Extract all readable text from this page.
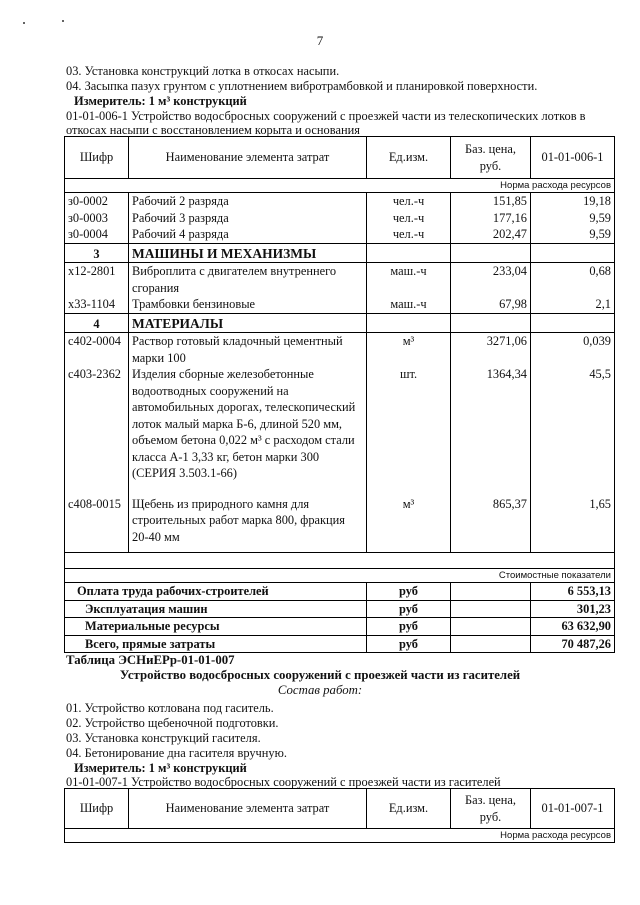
7
03. Установка конструкций лотка в откосах насыпи.
04. Засыпка пазух грунтом с уплотнением вибротрамбовкой и планировкой поверхности.
Измеритель: 1 м³ конструкций
01-01-006-1 Устройство водосбросных сооружений с проезжей части из телескопических лотков в
откосах насыпи с восстановлением корыта и основания
Шифр	Наименование элемента затрат	Ед.изм.	Баз. цена, руб.	01-01-006-1
Норма расхода ресурсов				
з0-0002	Рабочий 2 разряда	чел.-ч	151,85	19,18
з0-0003	Рабочий 3 разряда	чел.-ч	177,16	9,59
з0-0004	Рабочий 4 разряда	чел.-ч	202,47	9,59
3	МАШИНЫ И МЕХАНИЗМЫ			
х12-2801	Виброплита с двигателем внутреннего сгорания	маш.-ч	233,04	0,68
х33-1104	Трамбовки бензиновые	маш.-ч	67,98	2,1
4	МАТЕРИАЛЫ			
с402-0004	Раствор готовый кладочный цементный марки 100	м³	3271,06	0,039
с403-2362	Изделия сборные железобетонные водоотводных сооружений на автомобильных дорогах, телескопический лоток малый марка Б-6, длиной 520 мм, объемом бетона 0,022 м³ с расходом стали класса А-1 3,33 кг, бетон марки 300 (СЕРИЯ 3.503.1-66)	шт.	1364,34	45,5
с408-0015	Щебень из природного камня для строительных работ марка 800, фракция 20-40 мм	м³	865,37	1,65

Стоимостные показатели				
Оплата труда рабочих-строителей		руб		6 553,13
Эксплуатация машин		руб		301,23
Материальные ресурсы		руб		63 632,90
Всего, прямые затраты		руб		70 487,26
Таблица ЭСНиЕРр-01-01-007
Устройство водосбросных сооружений с проезжей части из гасителей
Состав работ:
01. Устройство котлована под гаситель.
02. Устройство щебеночной подготовки.
03. Установка конструкций гасителя.
04. Бетонирование дна гасителя вручную.
Измеритель: 1 м³ конструкций
01-01-007-1 Устройство водосбросных сооружений с проезжей части из гасителей
Шифр	Наименование элемента затрат	Ед.изм.	Баз. цена, руб.	01-01-007-1
Норма расхода ресурсов
